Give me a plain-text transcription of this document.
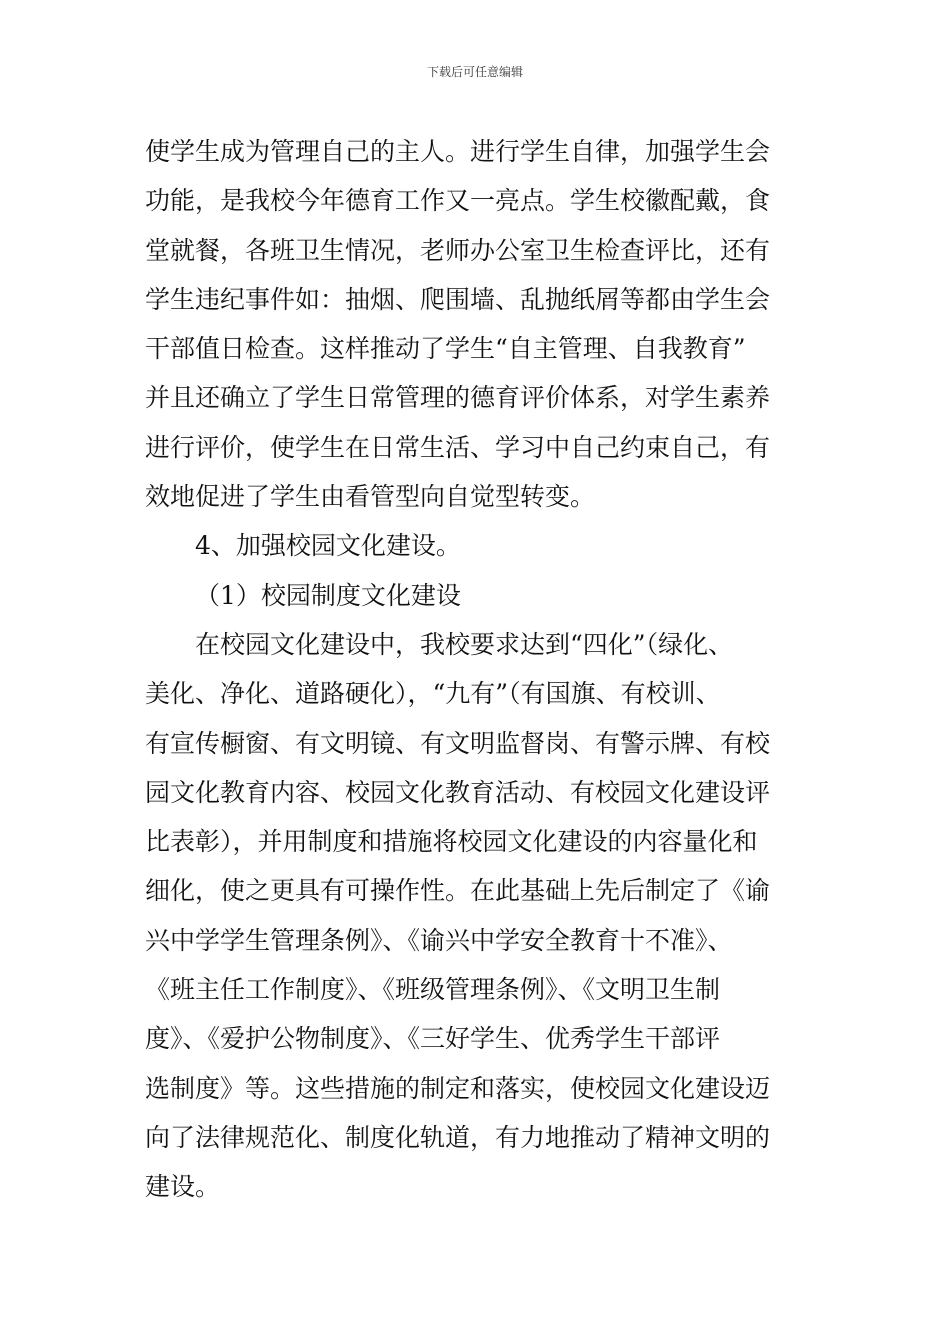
下载后可任意编辑
使学生成为管理自己的主人。进行学生自律，加强学生会
功能，是我校今年德育工作又一亮点。学生校徽配戴，食
堂就餐，各班卫生情况，老师办公室卫生检查评比，还有
学生违纪事件如：抽烟、爬围墙、乱抛纸屑等都由学生会
干部值日检查。这样推动了学生“自主管理、自我教育”
并且还确立了学生日常管理的德育评价体系，对学生素养
进行评价，使学生在日常生活、学习中自己约束自己，有
效地促进了学生由看管型向自觉型转变。
4、加强校园文化建设。
（1）校园制度文化建设
在校园文化建设中，我校要求达到“四化”（绿化、
美化、净化、道路硬化），“九有”（有国旗、有校训、
有宣传橱窗、有文明镜、有文明监督岗、有警示牌、有校
园文化教育内容、校园文化教育活动、有校园文化建设评
比表彰），并用制度和措施将校园文化建设的内容量化和
细化，使之更具有可操作性。在此基础上先后制定了《谕
兴中学学生管理条例》、《谕兴中学安全教育十不准》、
《班主任工作制度》、《班级管理条例》、《文明卫生制
度》、《爱护公物制度》、《三好学生、优秀学生干部评
选制度》等。这些措施的制定和落实，使校园文化建设迈
向了法律规范化、制度化轨道，有力地推动了精神文明的
建设。
